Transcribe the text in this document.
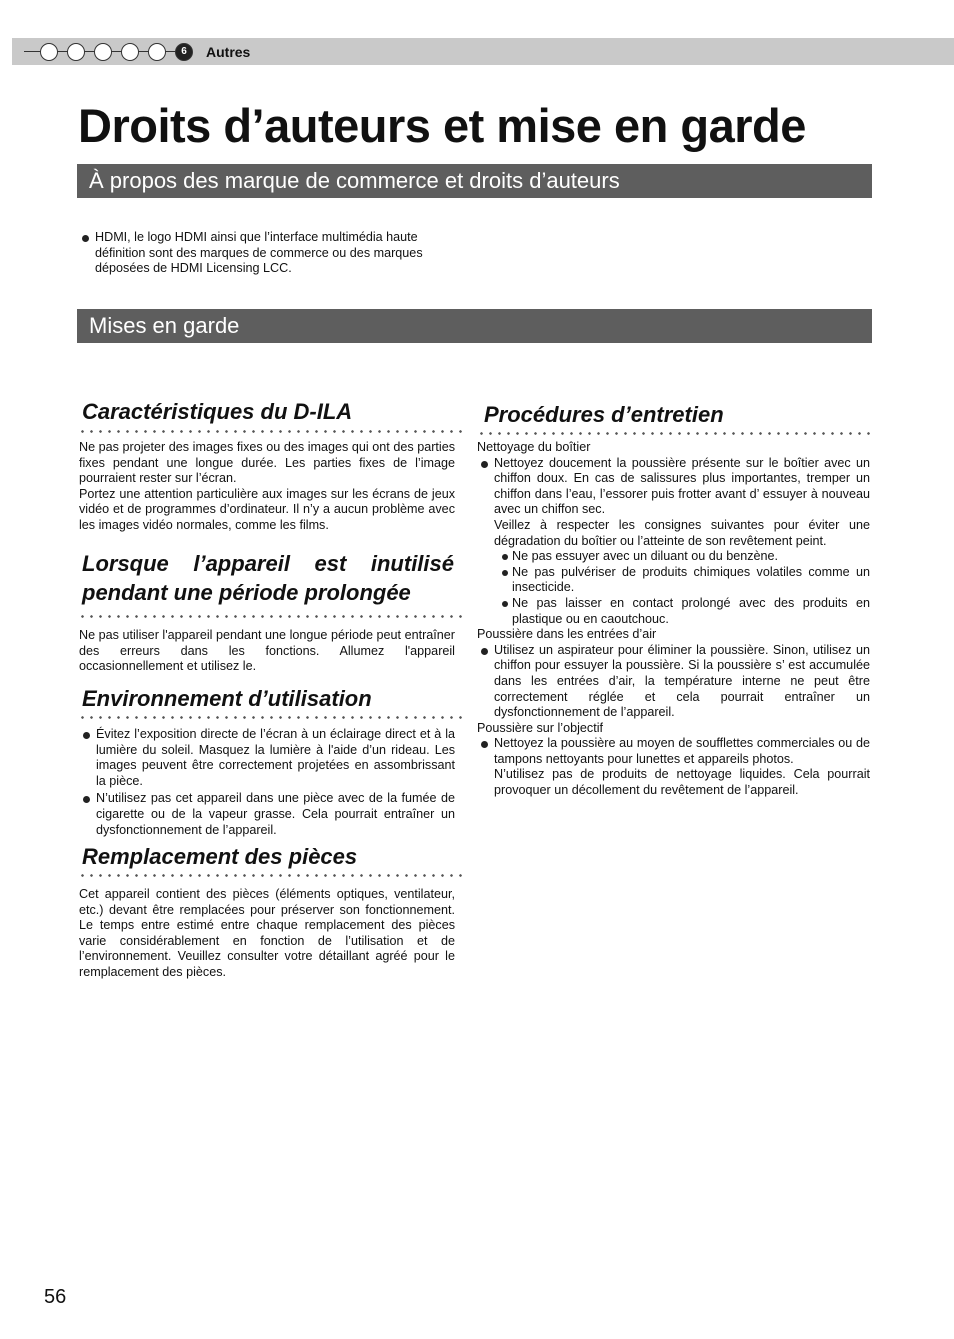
6	Autres
Droits d’auteurs et mise en garde
À propos des marque de commerce et droits d’auteurs

HDMI, le logo HDMI ainsi que l’interface multimédia haute définition sont des marques de commerce ou des marques déposées de HDMI Licensing LCC.

Mises en garde
Caractéristiques du D-ILA

Ne pas projeter des images fixes ou des images qui ont des parties fixes pendant une longue durée. Les parties fixes de l’image pourraient rester sur l’écran.

Portez une attention particulière aux images sur les écrans de jeux vidéo et de programmes d’ordinateur. Il n’y a aucun problème avec les images vidéo normales, comme les films.

Lorsque l’appareil est inutilisé
pendant une période prolongée

Ne pas utiliser l'appareil pendant une longue période peut entraîner des erreurs dans les fonctions. Allumez l'appareil occasionnellement et utilisez le.

Environnement d’utilisation

Évitez l’exposition directe de l’écran à un éclairage direct et à la lumière du soleil. Masquez la lumière à l'aide d’un rideau. Les images peuvent être correctement projetées en assombrissant la pièce.

N’utilisez pas cet appareil dans une pièce avec de la fumée de cigarette ou de la vapeur grasse. Cela pourrait entraîner un dysfonctionnement de l’appareil.

Remplacement des pièces

Cet appareil contient des pièces (éléments optiques, ventilateur, etc.) devant être remplacées pour préserver son fonctionnement. Le temps entre estimé entre chaque remplacement des pièces varie considérablement en fonction de l’utilisation et de l’environnement. Veuillez consulter votre détaillant agréé pour le remplacement des pièces.

Procédures d’entretien

Nettoyage du boîtier

Nettoyez doucement la poussière présente sur le boîtier avec un chiffon doux. En cas de salissures plus importantes, tremper un chiffon dans l’eau, l’essorer puis frotter avant d’ essuyer à nouveau avec un chiffon sec.

Veillez à respecter les consignes suivantes pour éviter une dégradation du boîtier ou l’atteinte de son revêtement peint.

Ne pas essuyer avec un diluant ou du benzène.

Ne pas pulvériser de produits chimiques volatiles comme un insecticide.

Ne pas laisser en contact prolongé avec des produits en plastique ou en caoutchouc.

Poussière dans les entrées d’air

Utilisez un aspirateur pour éliminer la poussière. Sinon, utilisez un chiffon pour essuyer la poussière. Si la poussière s’ est accumulée dans les entrées d’air, la température interne ne peut être correctement réglée et cela pourrait entraîner un dysfonctionnement de l’appareil.

Poussière sur l’objectif

Nettoyez la poussière au moyen de soufflettes commerciales ou de tampons nettoyants pour lunettes et appareils photos.

N’utilisez pas de produits de nettoyage liquides. Cela pourrait provoquer un décollement du revêtement de l’appareil.

56
